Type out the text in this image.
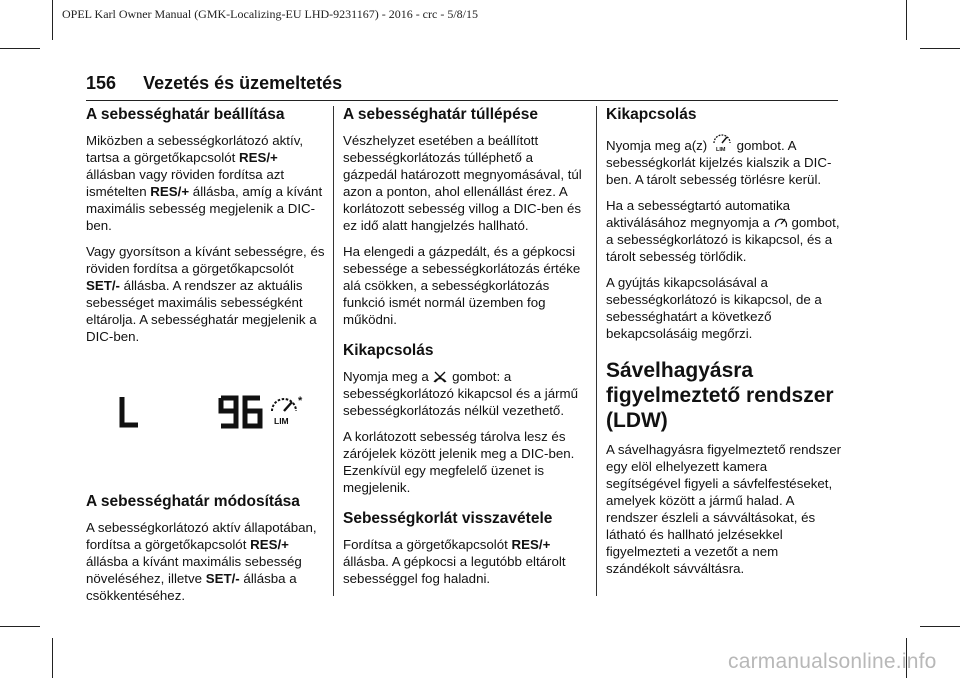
OPEL Karl Owner Manual (GMK-Localizing-EU LHD-9231167) - 2016 - crc - 5/8/15
156 Vezetés és üzemeltetés
A sebességhatár beállítása

Miközben a sebességkorlátozó aktív, tartsa a görgetőkapcsolót RES/+ állásban vagy röviden fordítsa azt ismételten RES/+ állásba, amíg a kívánt maximális sebesség megjelenik a DIC-ben.

Vagy gyorsítson a kívánt sebességre, és röviden fordítsa a görgetőkapcsolót SET/- állásba. A rendszer az aktuális sebességet maximális sebességként eltárolja. A sebességhatár megjelenik a DIC-ben.

L	96	*
LIM
A sebességhatár módosítása

A sebességkorlátozó aktív állapotában, fordítsa a görgetőkapcsolót RES/+ állásba a kívánt maximális sebesség növeléséhez, illetve SET/- állásba a csökkentéséhez.

A sebességhatár túllépése

Vészhelyzet esetében a beállított sebességkorlátozás túlléphető a gázpedál határozott megnyomásával, túl azon a ponton, ahol ellenállást érez. A korlátozott sebesség villog a DIC-ben és ez idő alatt hangjelzés hallható.

Ha elengedi a gázpedált, és a gépkocsi sebessége a sebességkorlátozás értéke alá csökken, a sebességkorlátozás funkció ismét normál üzemben fog működni.

Kikapcsolás

Nyomja meg a  gombot: a sebességkorlátozó kikapcsol és a jármű sebességkorlátozás nélkül vezethető.

A korlátozott sebesség tárolva lesz és zárójelek között jelenik meg a DIC-ben. Ezenkívül egy megfelelő üzenet is megjelenik.

Sebességkorlát visszavétele

Fordítsa a görgetőkapcsolót RES/+ állásba. A gépkocsi a legutóbb eltárolt sebességgel fog haladni.

Kikapcsolás

Nyomja meg a(z) LIM gombot. A sebességkorlát kijelzés kialszik a DIC-ben. A tárolt sebesség törlésre kerül.

Ha a sebességtartó automatika aktiválásához megnyomja a  gombot, a sebességkorlátozó is kikapcsol, és a tárolt sebesség törlődik.

A gyújtás kikapcsolásával a sebességkorlátozó is kikapcsol, de a sebességhatárt a következő bekapcsolásáig megőrzi.

Sávelhagyásra figyelmeztető rendszer (LDW)

A sávelhagyásra figyelmeztető rendszer egy elöl elhelyezett kamera segítségével figyeli a sávfelfestéseket, amelyek között a jármű halad. A rendszer észleli a sávváltásokat, és látható és hallható jelzésekkel figyelmezteti a vezetőt a nem szándékolt sávváltásra.

carmanualsonline.info
